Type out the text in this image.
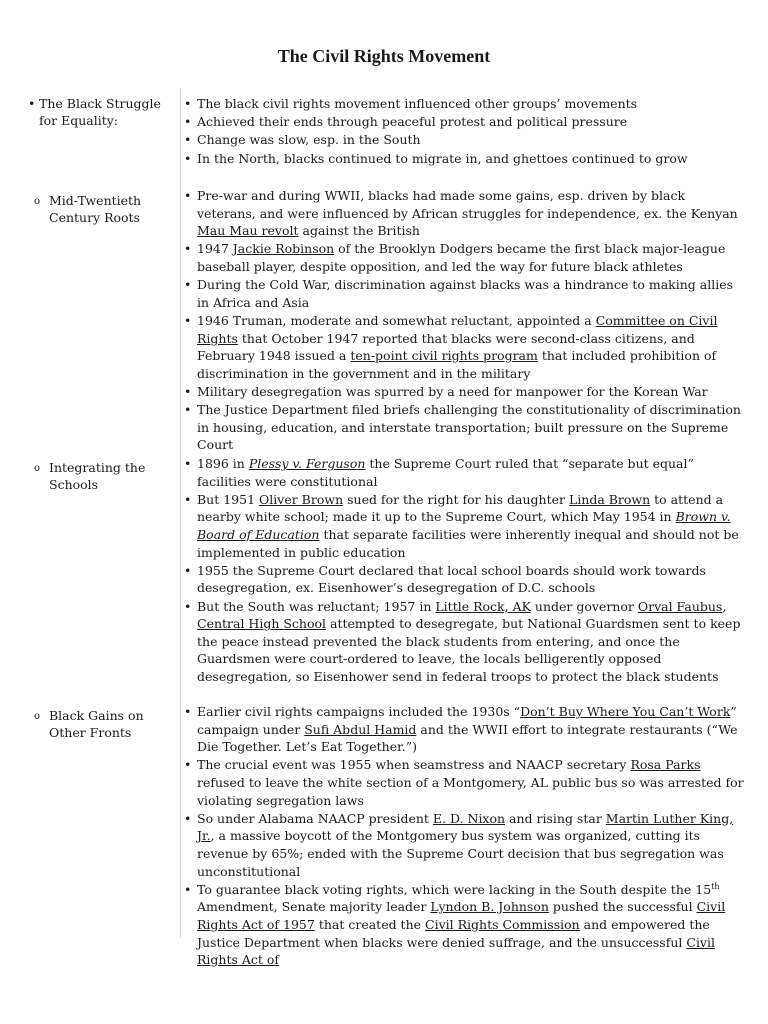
The Civil Rights Movement
• The Black Struggle for Equality:
• The black civil rights movement influenced other groups’ movements
• Achieved their ends through peaceful protest and political pressure
• Change was slow, esp. in the South
• In the North, blacks continued to migrate in, and ghettoes continued to grow
o Mid-Twentieth Century Roots
• Pre-war and during WWII, blacks had made some gains, esp. driven by black veterans, and were influenced by African struggles for independence, ex. the Kenyan Mau Mau revolt against the British
• 1947 Jackie Robinson of the Brooklyn Dodgers became the first black major-league baseball player, despite opposition, and led the way for future black athletes
• During the Cold War, discrimination against blacks was a hindrance to making allies in Africa and Asia
• 1946 Truman, moderate and somewhat reluctant, appointed a Committee on Civil Rights that October 1947 reported that blacks were second-class citizens, and February 1948 issued a ten-point civil rights program that included prohibition of discrimination in the government and in the military
• Military desegregation was spurred by a need for manpower for the Korean War
• The Justice Department filed briefs challenging the constitutionality of discrimination in housing, education, and interstate transportation; built pressure on the Supreme Court
o Integrating the Schools
• 1896 in Plessy v. Ferguson the Supreme Court ruled that “separate but equal” facilities were constitutional
• But 1951 Oliver Brown sued for the right for his daughter Linda Brown to attend a nearby white school; made it up to the Supreme Court, which May 1954 in Brown v. Board of Education that separate facilities were inherently inequal and should not be implemented in public education
• 1955 the Supreme Court declared that local school boards should work towards desegregation, ex. Eisenhower’s desegregation of D.C. schools
• But the South was reluctant; 1957 in Little Rock, AK under governor Orval Faubus, Central High School attempted to desegregate, but National Guardsmen sent to keep the peace instead prevented the black students from entering, and once the Guardsmen were court-ordered to leave, the locals belligerently opposed desegregation, so Eisenhower send in federal troops to protect the black students
o Black Gains on Other Fronts
• Earlier civil rights campaigns included the 1930s “Don’t Buy Where You Can’t Work” campaign under Sufi Abdul Hamid and the WWII effort to integrate restaurants (“We Die Together. Let’s Eat Together.”)
• The crucial event was 1955 when seamstress and NAACP secretary Rosa Parks refused to leave the white section of a Montgomery, AL public bus so was arrested for violating segregation laws
• So under Alabama NAACP president E. D. Nixon and rising star Martin Luther King, Jr., a massive boycott of the Montgomery bus system was organized, cutting its revenue by 65%; ended with the Supreme Court decision that bus segregation was unconstitutional
• To guarantee black voting rights, which were lacking in the South despite the 15th Amendment, Senate majority leader Lyndon B. Johnson pushed the successful Civil Rights Act of 1957 that created the Civil Rights Commission and empowered the Justice Department when blacks were denied suffrage, and the unsuccessful Civil Rights Act of
